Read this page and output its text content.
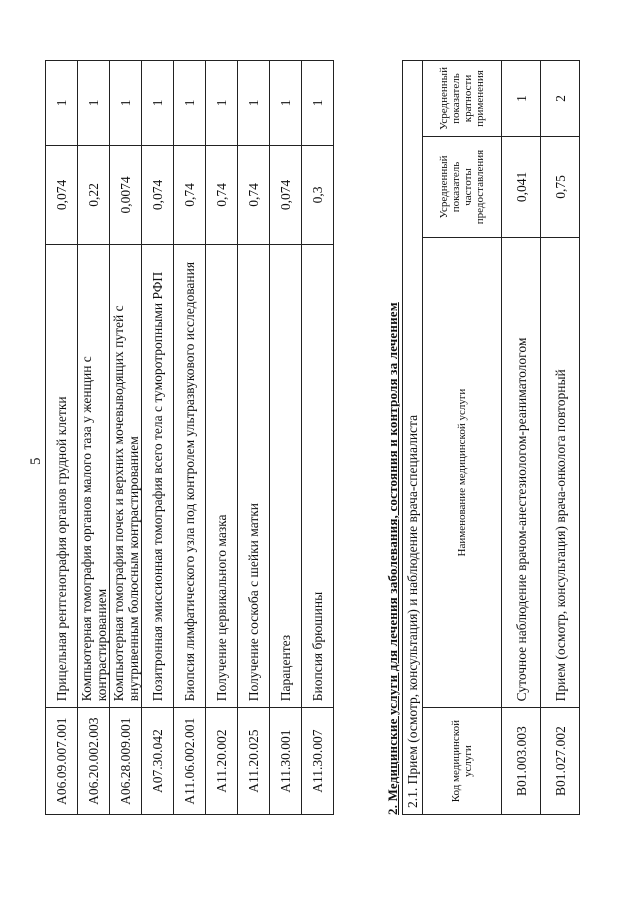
5
A06.09.007.001	Прицельная рентгенография органов грудной клетки	0,074	1
A06.20.002.003	Компьютерная томография органов малого таза у женщин с контрастированием	0,22	1
A06.28.009.001	Компьютерная томография почек и верхних мочевыводящих путей с внутривенным болюсным контрастированием	0,0074	1
A07.30.042	Позитронная эмиссионная томография всего тела с туморотропными РФП	0,074	1
A11.06.002.001	Биопсия лимфатического узла под контролем ультразвукового исследования	0,74	1
A11.20.002	Получение цервикального мазка	0,74	1
A11.20.025	Получение соскоба с шейки матки	0,74	1
A11.30.001	Парацентез	0,074	1
A11.30.007	Биопсия брюшины	0,3	1
2. Медицинские услуги для лечения заболевания, состояния и контроля за лечением 2.1. Прием (осмотр, консультация) и наблюдение врача-специалиста			
Код медицинской услуги	Наименование медицинской услуги	Усредненный показатель частоты предоставления	Усредненный показатель кратности применения
B01.003.003	Суточное наблюдение врачом-анестезиологом-реаниматологом	0,041	1
B01.027.002	Прием (осмотр, консультация) врача-онколога повторный	0,75	2
